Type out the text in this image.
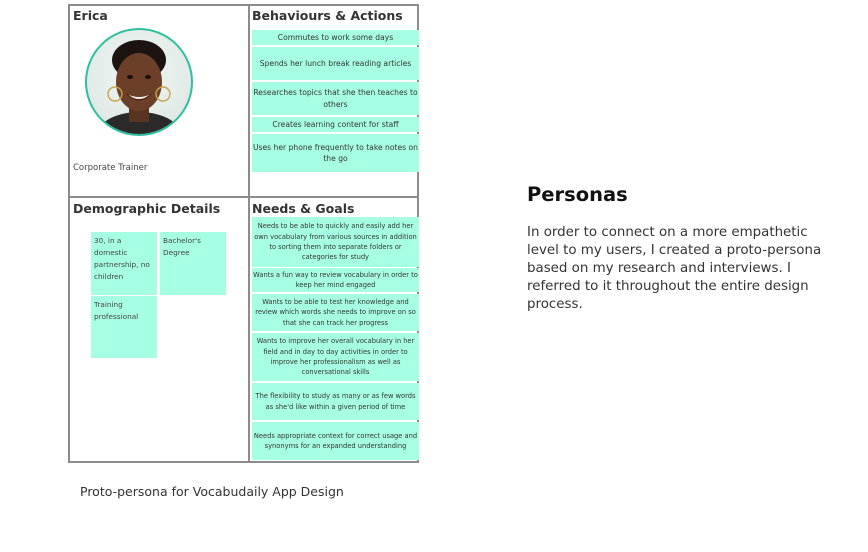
Erica
Corporate Trainer
Behaviours & Actions
Commutes to work some days
Spends her lunch break reading articles
Researches topics that she then teaches to others
Creates learning content for staff
Uses her phone frequently to take notes on the go
Demographic Details
30, in a domestic partnership, no children
Bachelor's Degree
Training professional
Needs & Goals
Needs to be able to quickly and easily add her own vocabulary from various sources in addition to sorting them into separate folders or categories for study
Wants a fun way to review vocabulary in order to keep her mind engaged
Wants to be able to test her knowledge and review which words she needs to improve on so that she can track her progress
Wants to improve her overall vocabulary in her field and in day to day activities in order to improve her professionalism as well as conversational skills
The flexibility to study as many or as few words as she'd like within a given period of time
Needs appropriate context for correct usage and synonyms for an expanded understanding
Proto-persona for Vocabudaily App Design
Personas
In order to connect on a more empathetic level to my users, I created a proto-persona based on my research and interviews. I referred to it throughout the entire design process.
